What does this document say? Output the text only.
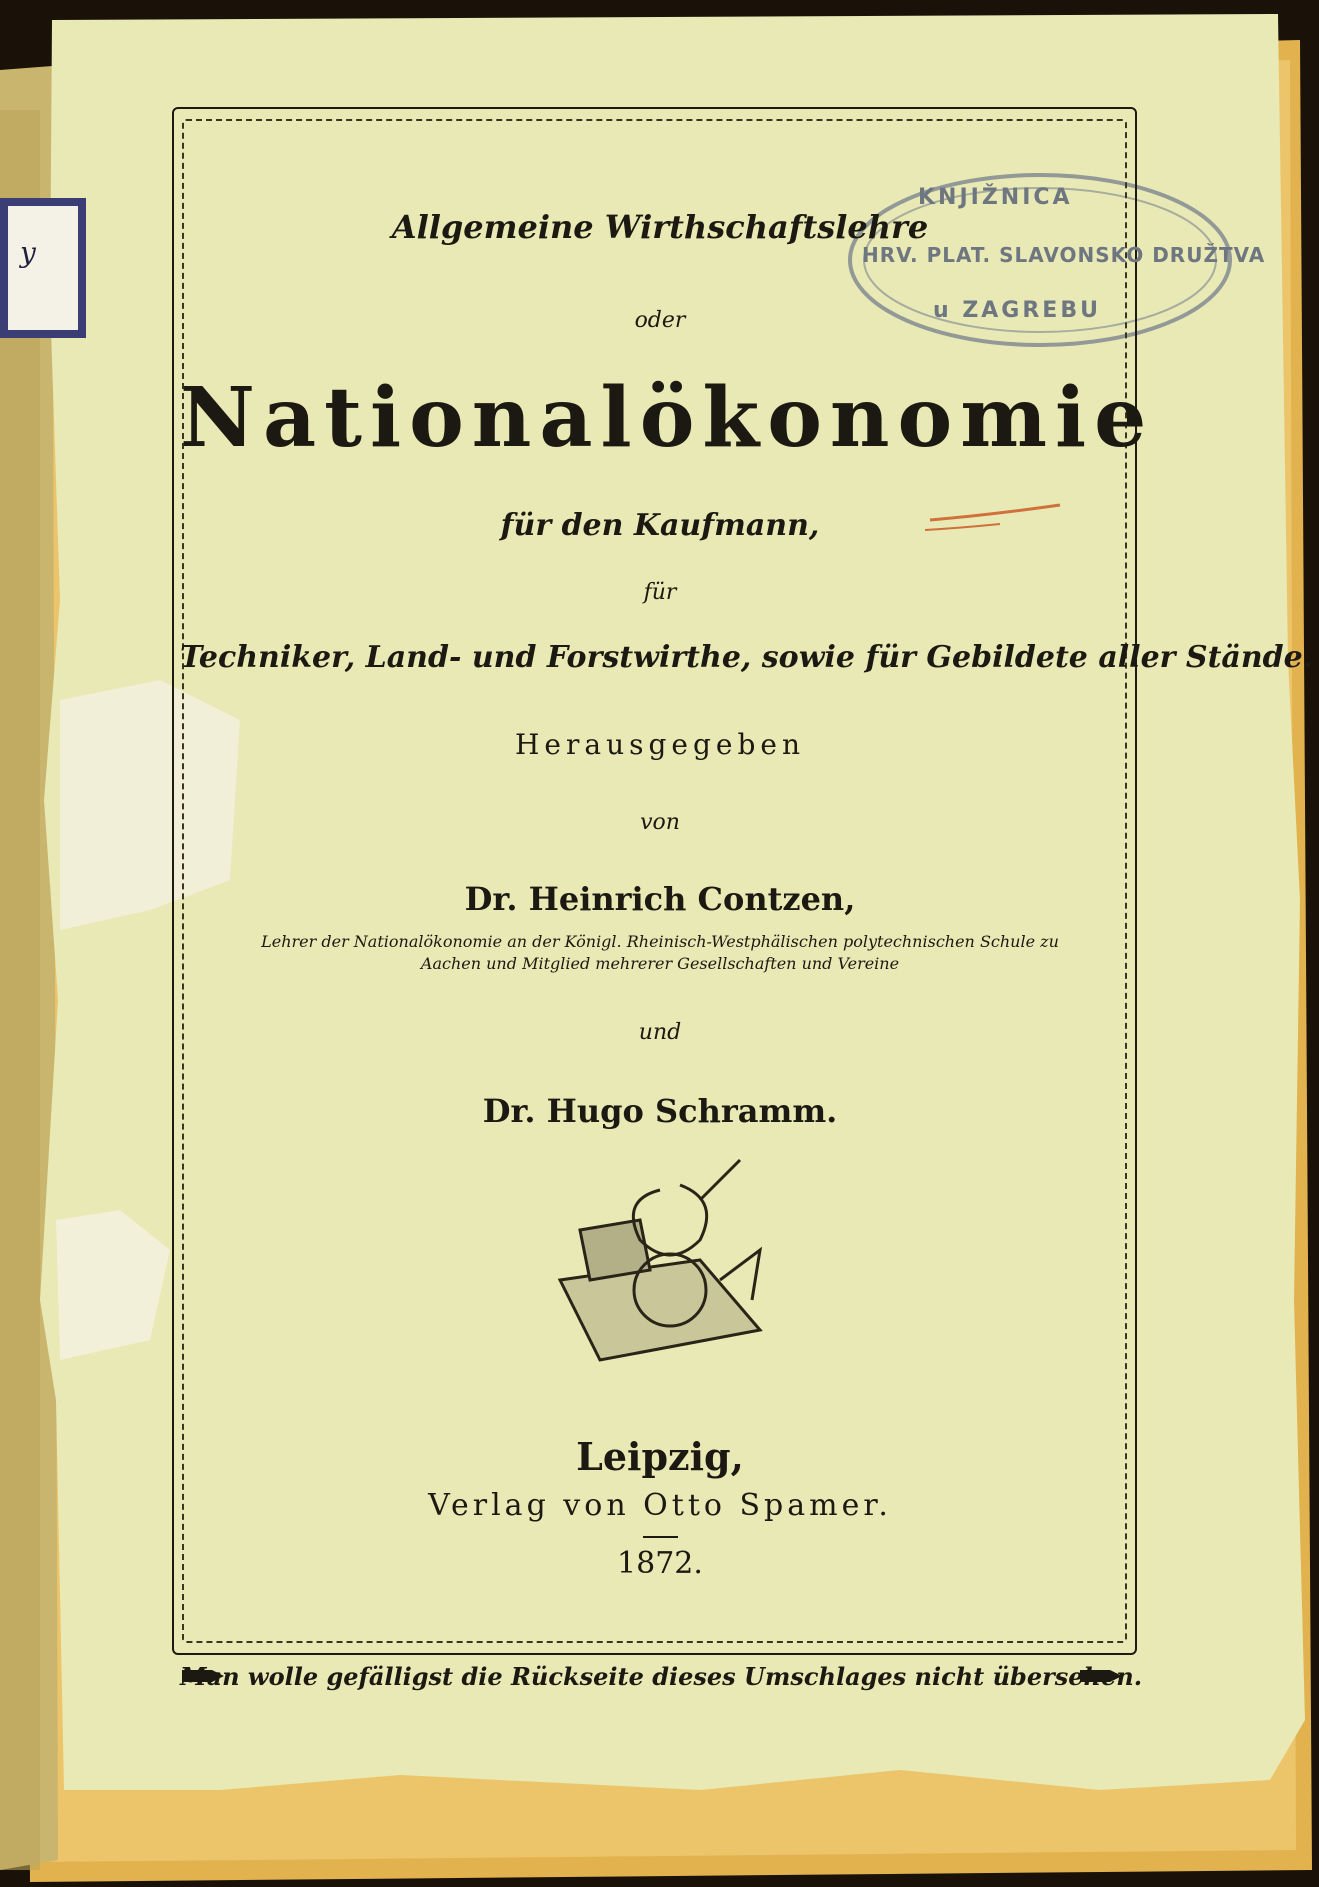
y
KNJIŽNICA
HRV. PLAT. SLAVONSKO DRUŽTVA
u ZAGREBU

Allgemeine Wirthschaftslehre

oder

Nationalökonomie

für den Kaufmann,

für

Techniker, Land- und Forstwirthe, sowie für Gebildete aller Stände.

Herausgegeben

von

Dr. Heinrich Contzen,

Lehrer der Nationalökonomie an der Königl. Rheinisch-Westphälischen polytechnischen Schule zu

Aachen und Mitglied mehrerer Gesellschaften und Vereine

und

Dr. Hugo Schramm.

Leipzig,

Verlag von Otto Spamer.

1872.

Man wolle gefälligst die Rückseite dieses Umschlages nicht übersehen.
